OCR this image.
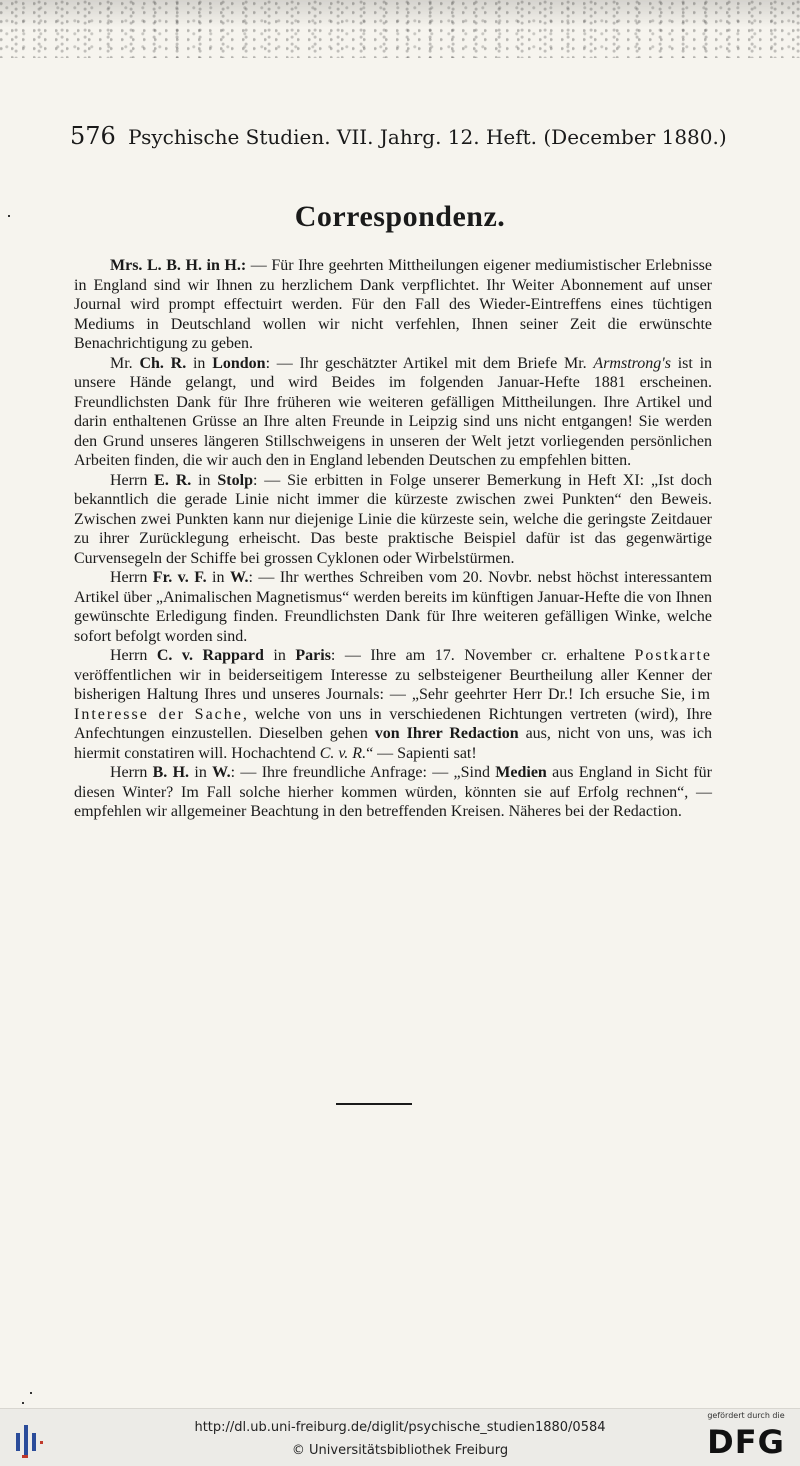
576 Psychische Studien. VII. Jahrg. 12. Heft. (December 1880.)
Correspondenz.

Mrs. L. B. H. in H.: — Für Ihre geehrten Mittheilungen eigener mediumistischer Erlebnisse in England sind wir Ihnen zu herzlichem Dank verpflichtet. Ihr Weiter Abonnement auf unser Journal wird prompt effectuirt werden. Für den Fall des Wieder-Eintreffens eines tüchtigen Mediums in Deutschland wollen wir nicht verfehlen, Ihnen seiner Zeit die erwünschte Benachrichtigung zu geben.

Mr. Ch. R. in London: — Ihr geschätzter Artikel mit dem Briefe Mr. Armstrong's ist in unsere Hände gelangt, und wird Beides im folgenden Januar-Hefte 1881 erscheinen. Freundlichsten Dank für Ihre früheren wie weiteren gefälligen Mittheilungen. Ihre Artikel und darin enthaltenen Grüsse an Ihre alten Freunde in Leipzig sind uns nicht entgangen! Sie werden den Grund unseres längeren Stillschweigens in unseren der Welt jetzt vorliegenden persönlichen Arbeiten finden, die wir auch den in England lebenden Deutschen zu empfehlen bitten.

Herrn E. R. in Stolp: — Sie erbitten in Folge unserer Bemerkung in Heft XI: „Ist doch bekanntlich die gerade Linie nicht immer die kürzeste zwischen zwei Punkten“ den Beweis. Zwischen zwei Punkten kann nur diejenige Linie die kürzeste sein, welche die geringste Zeitdauer zu ihrer Zurücklegung erheischt. Das beste praktische Beispiel dafür ist das gegenwärtige Curvensegeln der Schiffe bei grossen Cyklonen oder Wirbelstürmen.

Herrn Fr. v. F. in W.: — Ihr werthes Schreiben vom 20. Novbr. nebst höchst interessantem Artikel über „Animalischen Magnetismus“ werden bereits im künftigen Januar-Hefte die von Ihnen gewünschte Erledigung finden. Freundlichsten Dank für Ihre weiteren gefälligen Winke, welche sofort befolgt worden sind.

Herrn C. v. Rappard in Paris: — Ihre am 17. November cr. erhaltene Postkarte veröffentlichen wir in beiderseitigem Interesse zu selbsteigener Beurtheilung aller Kenner der bisherigen Haltung Ihres und unseres Journals: — „Sehr geehrter Herr Dr.! Ich ersuche Sie, im Interesse der Sache, welche von uns in verschiedenen Richtungen vertreten (wird), Ihre Anfechtungen einzustellen. Dieselben gehen von Ihrer Redaction aus, nicht von uns, was ich hiermit constatiren will. Hochachtend C. v. R.“ — Sapienti sat!

Herrn B. H. in W.: — Ihre freundliche Anfrage: — „Sind Medien aus England in Sicht für diesen Winter? Im Fall solche hierher kommen würden, könnten sie auf Erfolg rechnen“, — empfehlen wir allgemeiner Beachtung in den betreffenden Kreisen. Näheres bei der Redaction.

http://dl.ub.uni-freiburg.de/diglit/psychische_studien1880/0584
© Universitätsbibliothek Freiburg
gefördert durch die
DFG
